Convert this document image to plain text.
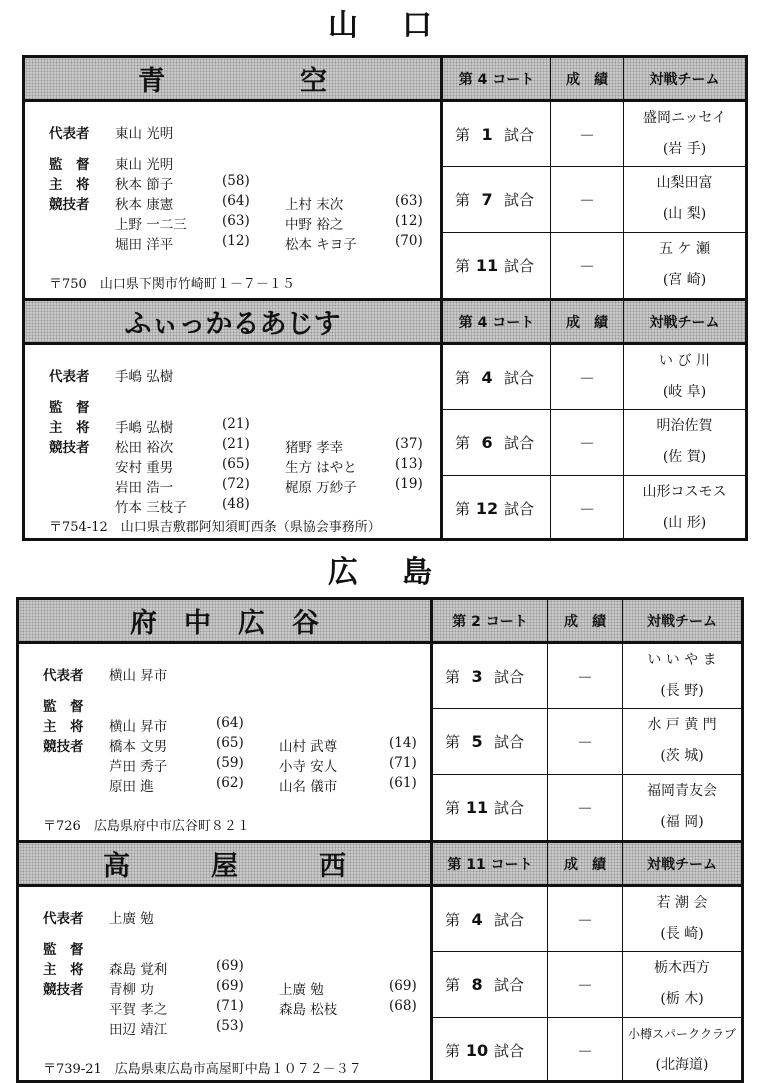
山口
青　　　　　空
代表者 東山 光明
監　督 東山 光明
主　将 秋本 節子	(58)
競技者 秋本 康憲	(64)	上村 末次	(63)
上野 一二三	(63)	中野 裕之	(12)
堀田 洋平	(12)	松本 キヨ子	(70)
〒750　山口県下関市竹崎町１－７－１５
第 4 コート	成　績	対戦チーム
第 1 試合	－
盛岡ニッセイ
(岩 手)
第 7 試合	－
山梨田富
(山 梨)
第 11 試合	－
五 ケ 瀬
(宮 崎)
ふぃっかるあじす
代表者 手嶋 弘樹
監　督
主　将 手嶋 弘樹	(21)
競技者 松田 裕次	(21)	猪野 孝幸	(37)
安村 重男	(65)	生方 はやと	(13)
岩田 浩一	(72)	梶原 万紗子	(19)
竹本 三枝子	(48)
〒754-12　山口県吉敷郡阿知須町西条（県協会事務所）
第 4 コート	成　績	対戦チーム
第 4 試合	－
い び 川
(岐 阜)
第 6 試合	－
明治佐賀
(佐 賀)
第 12 試合	－
山形コスモス
(山 形)
広島
府　中　広　谷
代表者 横山 昇市
監　督
主　将 横山 昇市	(64)
競技者 橋本 文男	(65)	山村 武尊	(14)
芦田 秀子	(59)	小寺 安人	(71)
原田 進	(62)	山名 儀市	(61)
〒726　広島県府中市広谷町８２１
第 2 コート	成　績	対戦チーム
第 3 試合	－
い い や ま
(長 野)
第 5 試合	－
水 戸 黄 門
(茨 城)
第 11 試合	－
福岡青友会
(福 岡)
高　　　屋　　　西
代表者 上廣 勉
監　督
主　将 森島 覚利	(69)
競技者 青柳 功	(69)	上廣 勉	(69)
平賀 孝之	(71)	森島 松枝	(68)
田辺 靖江	(53)
〒739-21　広島県東広島市高屋町中島１０７２－３７
第 11 コート	成　績	対戦チーム
第 4 試合	－
若 潮 会
(長 崎)
第 8 試合	－
栃木西方
(栃 木)
第 10 試合	－
小樽スパーククラブ
(北海道)
